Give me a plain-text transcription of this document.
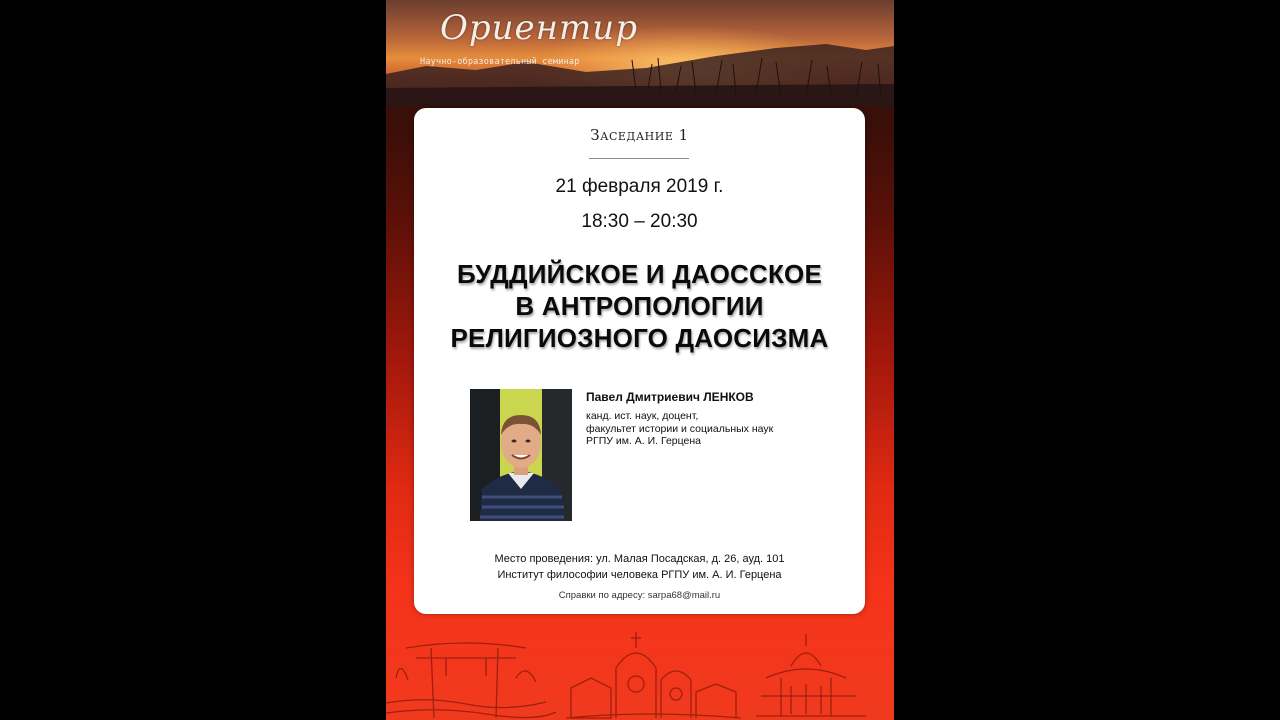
Ориентир
Научно-образовательный семинар
Заседание 1
21 февраля 2019 г.
18:30 – 20:30
БУДДИЙСКОЕ И ДАОССКОЕ
В АНТРОПОЛОГИИ
РЕЛИГИОЗНОГО ДАОСИЗМА
Павел Дмитриевич ЛЕНКОВ
канд. ист. наук, доцент,
факультет истории и социальных наук
РГПУ им. А. И. Герцена
Место проведения: ул. Малая Посадская, д. 26, ауд. 101
Институт философии человека РГПУ им. А. И. Герцена
Справки по адресу: sarpa68@mail.ru
